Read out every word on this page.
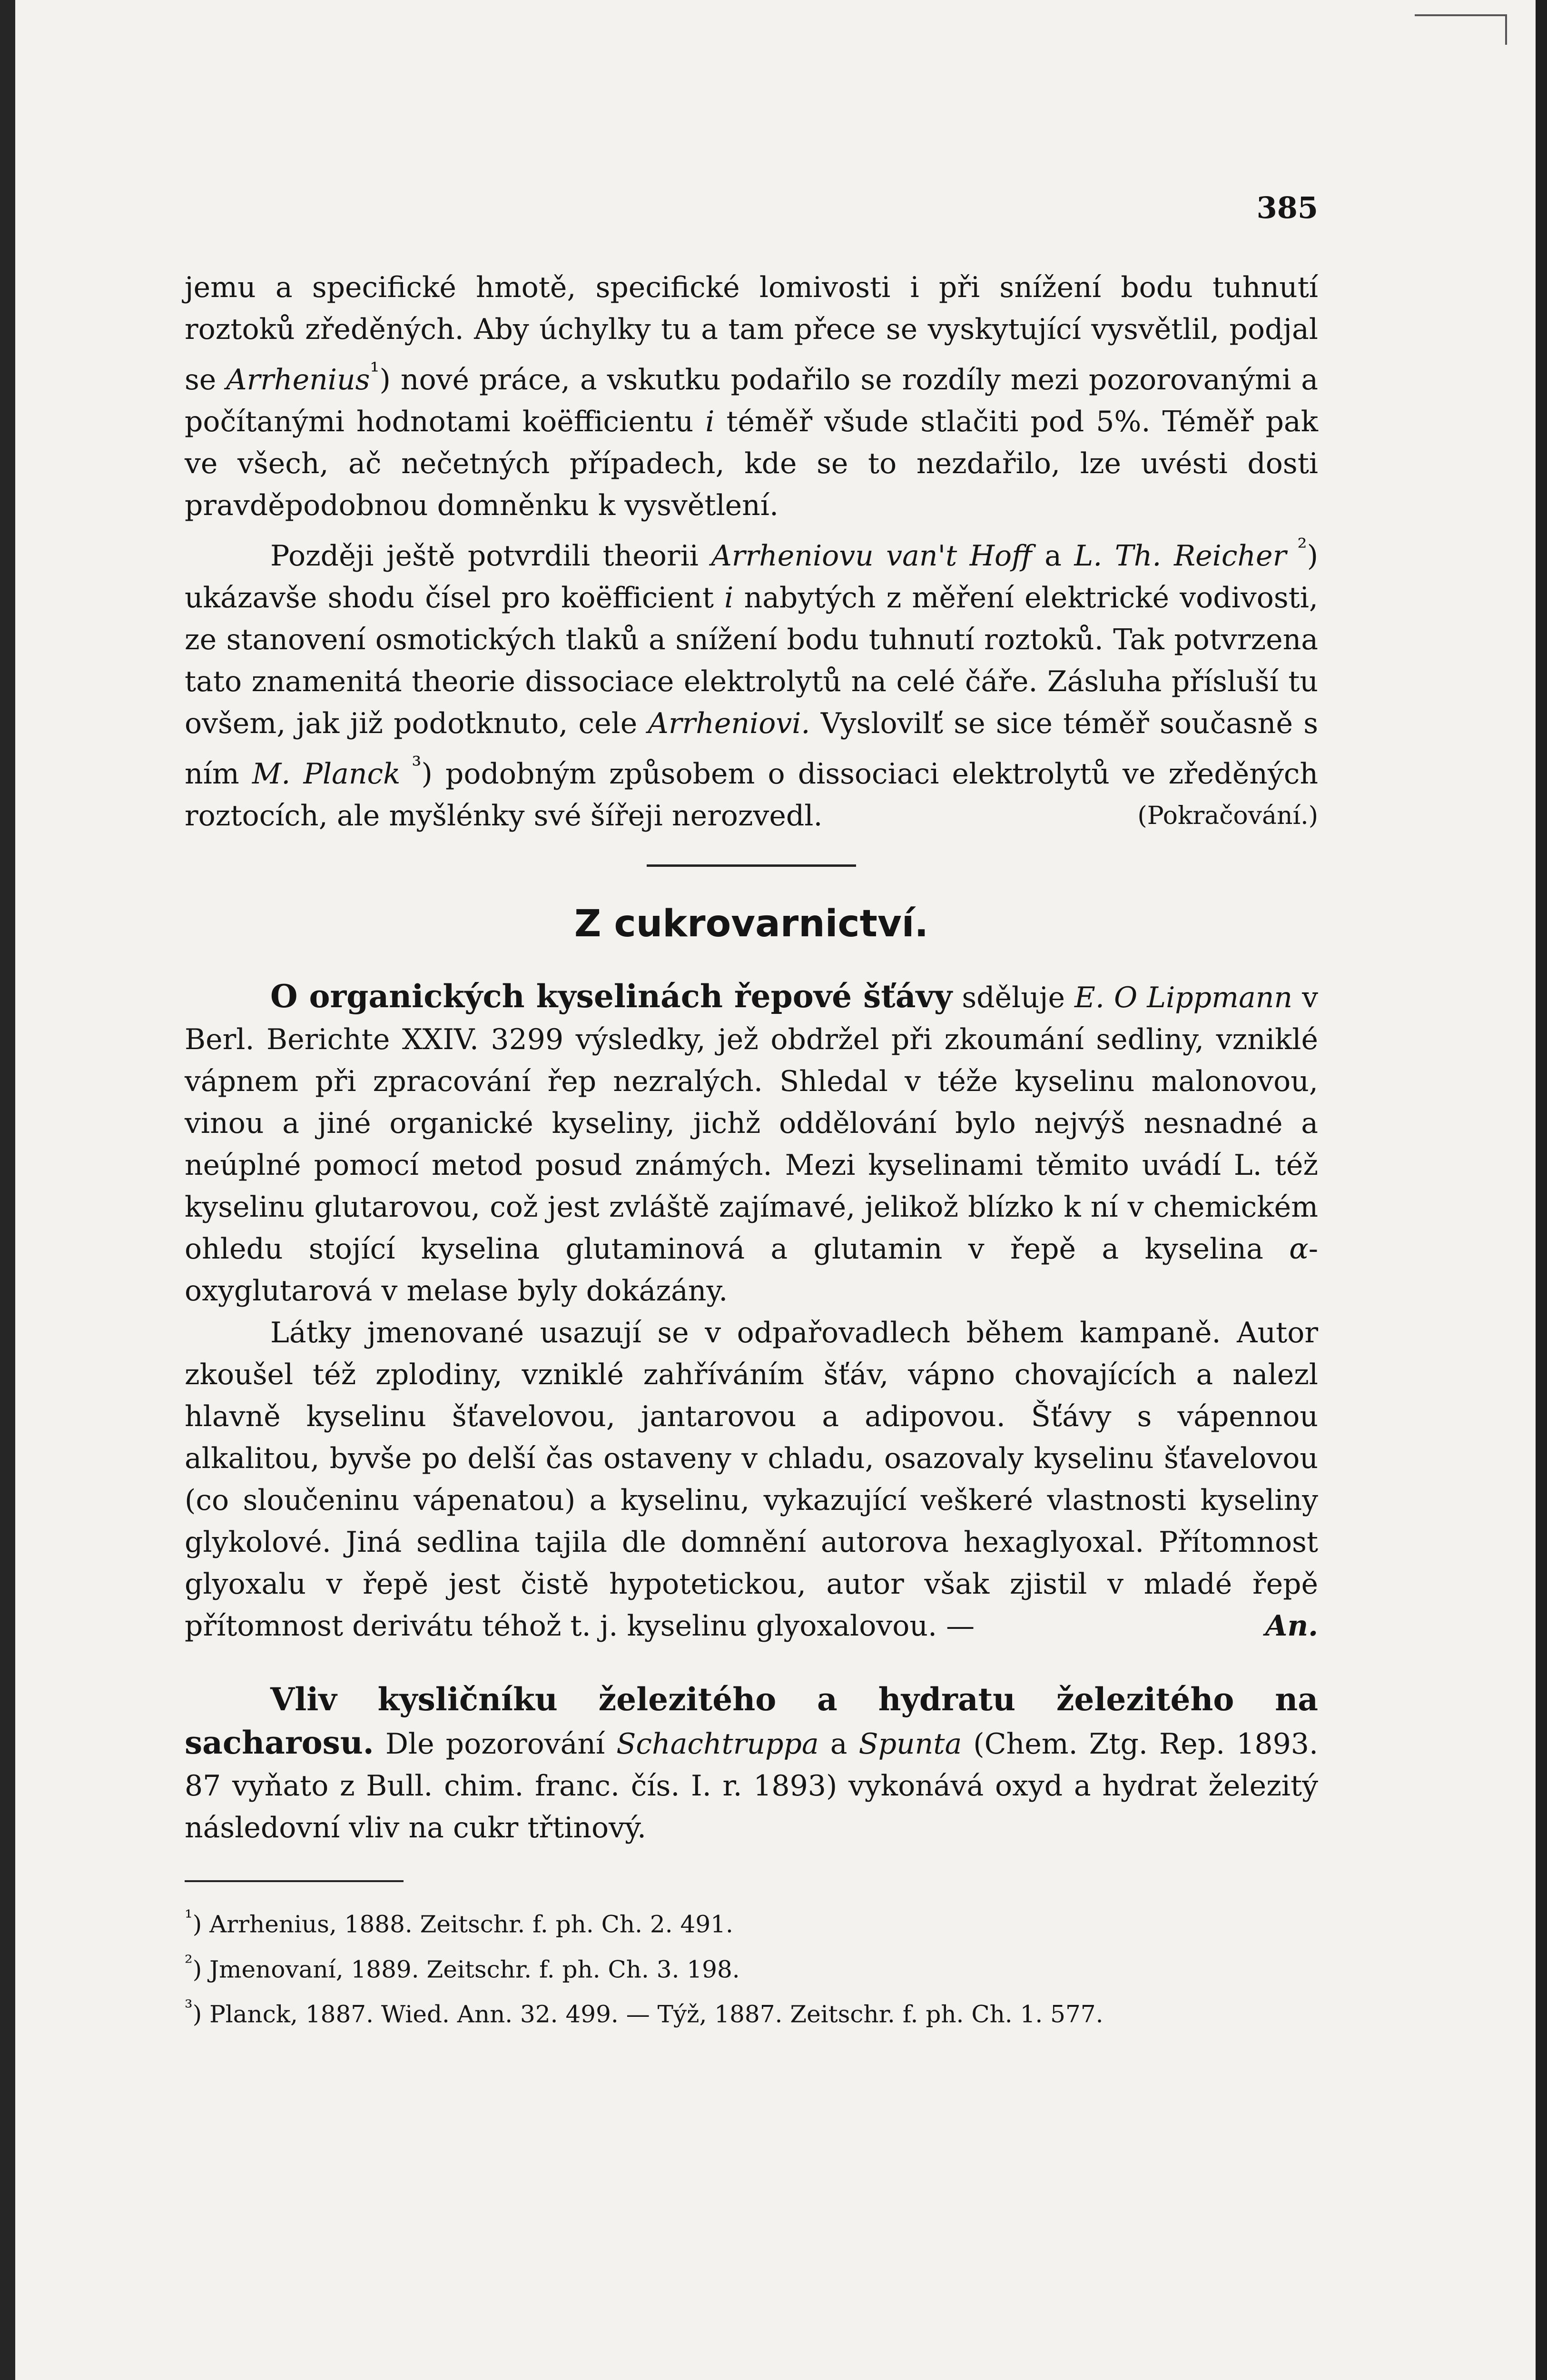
385

jemu a specifické hmotě, specifické lomivosti i při snížení bodu tuhnutí roztoků zředěných. Aby úchylky tu a tam přece se vyskytující vysvětlil, podjal se Arrhenius$^{^1}$) nové práce, a vskutku podařilo se rozdíly mezi pozorovanými a počítanými hodnotami koëfficientu i téměř všude stlačiti pod 5%. Téměř pak ve všech, ač nečetných případech, kde se to nezdařilo, lze uvésti dosti pravděpodobnou domněnku k vysvětlení.

Později ještě potvrdili theorii Arrheniovu van't Hoff a L. Th. Reicher $^{^2}$) ukázavše shodu čísel pro koëfficient i nabytých z měření elektrické vodivosti, ze stanovení osmotických tlaků a snížení bodu tuhnutí roztoků. Tak potvrzena tato znamenitá theorie dissociace elektrolytů na celé čáře. Zásluha přísluší tu ovšem, jak již podotknuto, cele Arrheniovi. Vyslovilť se sice téměř současně s ním M. Planck $^{^3}$) podobným způsobem o dissociaci elektrolytů ve zředěných roztocích, ale myšlénky své šířeji nerozvedl.	(Pokračování.)

Z cukrovarnictví.

O organických kyselinách řepové šťávy sděluje E. O Lippmann v Berl. Berichte XXIV. 3299 výsledky, jež obdržel při zkoumání sedliny, vzniklé vápnem při zpracování řep nezralých. Shledal v téže kyselinu malonovou, vinou a jiné organické kyseliny, jichž oddělování bylo nejvýš nesnadné a neúplné pomocí metod posud známých. Mezi kyselinami těmito uvádí L. též kyselinu glutarovou, což jest zvláště zajímavé, jelikož blízko k ní v chemickém ohledu stojící kyselina glutaminová a glutamin v řepě a kyselina α-oxyglutarová v melase byly dokázány.

Látky jmenované usazují se v odpařovadlech během kampaně. Autor zkoušel též zplodiny, vzniklé zahříváním šťáv, vápno chovajících a nalezl hlavně kyselinu šťavelovou, jantarovou a adipovou. Šťávy s vápennou alkalitou, byvše po delší čas ostaveny v chladu, osazovaly kyselinu šťavelovou (co sloučeninu vápenatou) a kyselinu, vykazující veškeré vlastnosti kyseliny glykolové. Jiná sedlina tajila dle domnění autorova hexaglyoxal. Přítomnost glyoxalu v řepě jest čistě hypotetickou, autor však zjistil v mladé řepě přítomnost derivátu téhož t. j. kyselinu glyoxalovou. —	An.

Vliv kysličníku železitého a hydratu železitého na sacharosu. Dle pozorování Schachtruppa a Spunta (Chem. Ztg. Rep. 1893. 87 vyňato z Bull. chim. franc. čís. I. r. 1893) vykonává oxyd a hydrat železitý následovní vliv na cukr třtinový.

$^{^1}$) Arrhenius, 1888. Zeitschr. f. ph. Ch. 2. 491.
$^{^2}$) Jmenovaní, 1889. Zeitschr. f. ph. Ch. 3. 198.
$^{^3}$) Planck, 1887. Wied. Ann. 32. 499. — Týž, 1887. Zeitschr. f. ph. Ch. 1. 577.
